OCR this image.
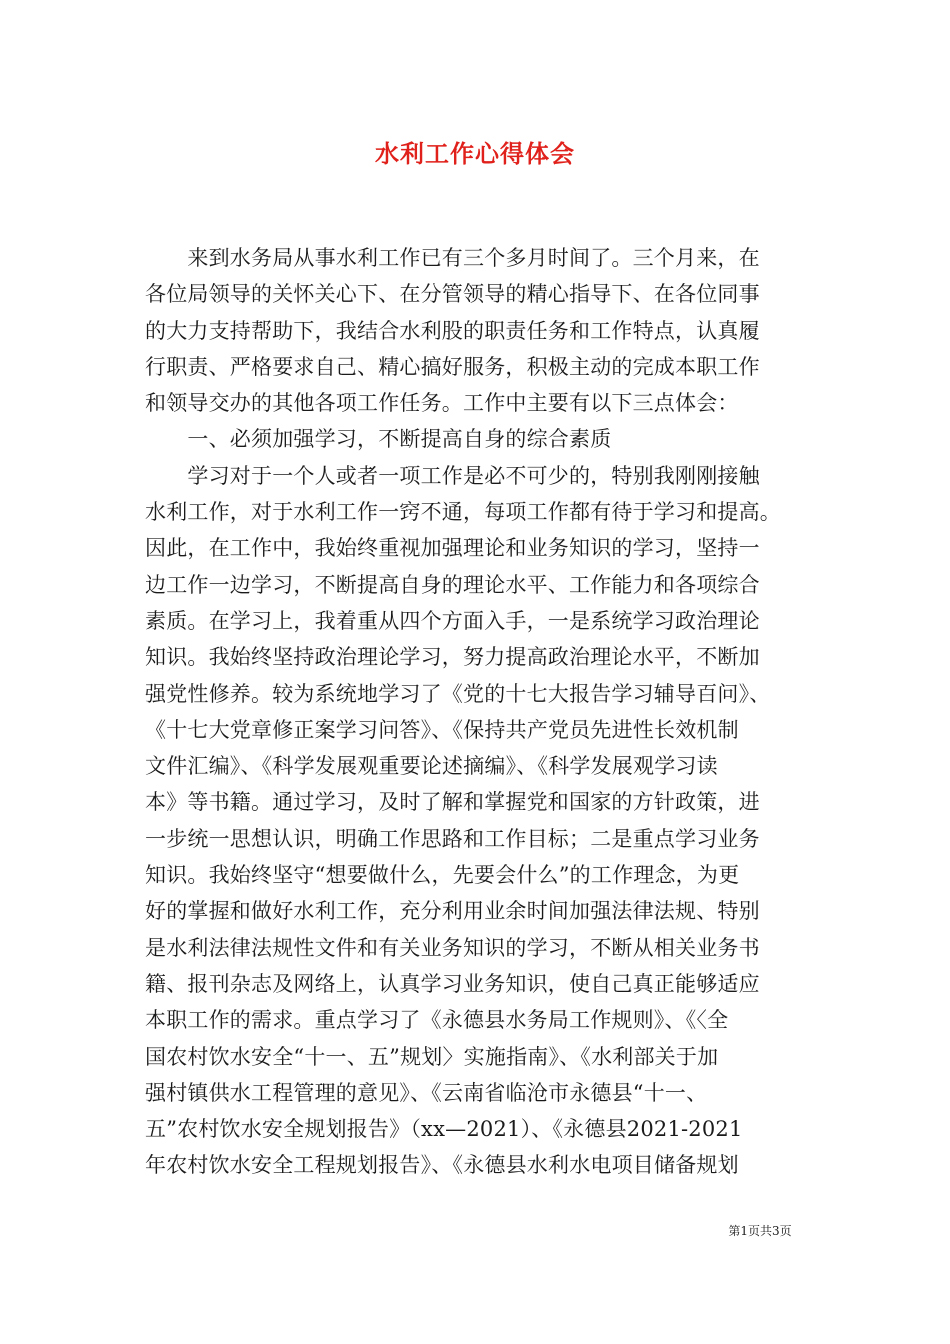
水利工作心得体会
　　来到水务局从事水利工作已有三个多月时间了。三个月来，在
各位局领导的关怀关心下、在分管领导的精心指导下、在各位同事
的大力支持帮助下，我结合水利股的职责任务和工作特点，认真履
行职责、严格要求自己、精心搞好服务，积极主动的完成本职工作
和领导交办的其他各项工作任务。工作中主要有以下三点体会：
　　一、必须加强学习，不断提高自身的综合素质
　　学习对于一个人或者一项工作是必不可少的，特别我刚刚接触
水利工作，对于水利工作一窍不通，每项工作都有待于学习和提高。
因此，在工作中，我始终重视加强理论和业务知识的学习，坚持一
边工作一边学习，不断提高自身的理论水平、工作能力和各项综合
素质。在学习上，我着重从四个方面入手，一是系统学习政治理论
知识。我始终坚持政治理论学习，努力提高政治理论水平，不断加
强党性修养。较为系统地学习了《党的十七大报告学习辅导百问》、
《十七大党章修正案学习问答》、《保持共产党员先进性长效机制
文件汇编》、《科学发展观重要论述摘编》、《科学发展观学习读
本》等书籍。通过学习，及时了解和掌握党和国家的方针政策，进
一步统一思想认识，明确工作思路和工作目标；二是重点学习业务
知识。我始终坚守“想要做什么，先要会什么”的工作理念，为更
好的掌握和做好水利工作，充分利用业余时间加强法律法规、特别
是水利法律法规性文件和有关业务知识的学习，不断从相关业务书
籍、报刊杂志及网络上，认真学习业务知识，使自己真正能够适应
本职工作的需求。重点学习了《永德县水务局工作规则》、《〈全
国农村饮水安全“十一、五”规划〉实施指南》、《水利部关于加
强村镇供水工程管理的意见》、《云南省临沧市永德县“十一、
五”农村饮水安全规划报告》（xx—2021）、《永德县2021-2021
年农村饮水安全工程规划报告》、《永德县水利水电项目储备规划
第1页共3页
